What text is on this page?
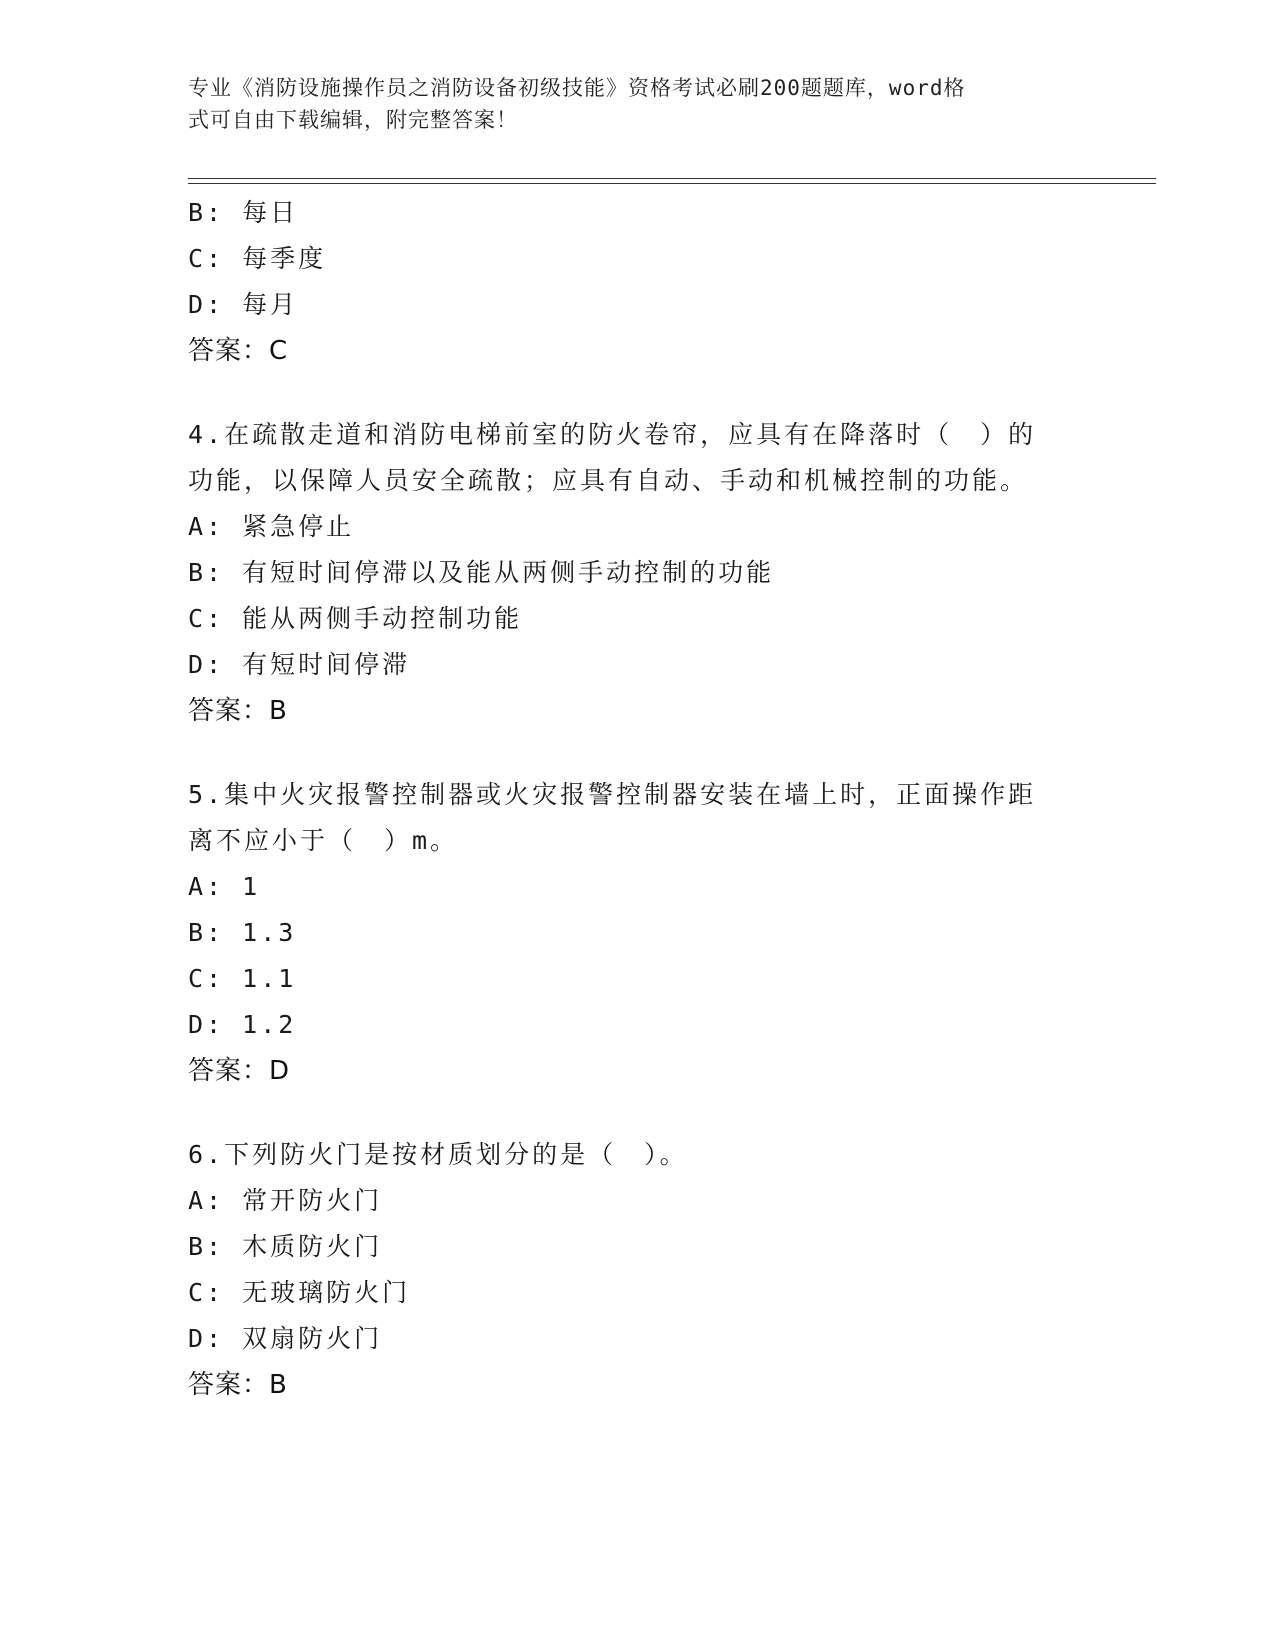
专业《消防设施操作员之消防设备初级技能》资格考试必刷200题题库，word格
式可自由下载编辑，附完整答案！
B: 每日
C: 每季度
D: 每月
答案：C
4.在疏散走道和消防电梯前室的防火卷帘，应具有在降落时（　）的
功能，以保障人员安全疏散；应具有自动、手动和机械控制的功能。
A: 紧急停止
B: 有短时间停滞以及能从两侧手动控制的功能
C: 能从两侧手动控制功能
D: 有短时间停滞
答案：B
5.集中火灾报警控制器或火灾报警控制器安装在墙上时，正面操作距
离不应小于（　）m。
A: 1
B: 1.3
C: 1.1
D: 1.2
答案：D
6.下列防火门是按材质划分的是（　）。
A: 常开防火门
B: 木质防火门
C: 无玻璃防火门
D: 双扇防火门
答案：B
